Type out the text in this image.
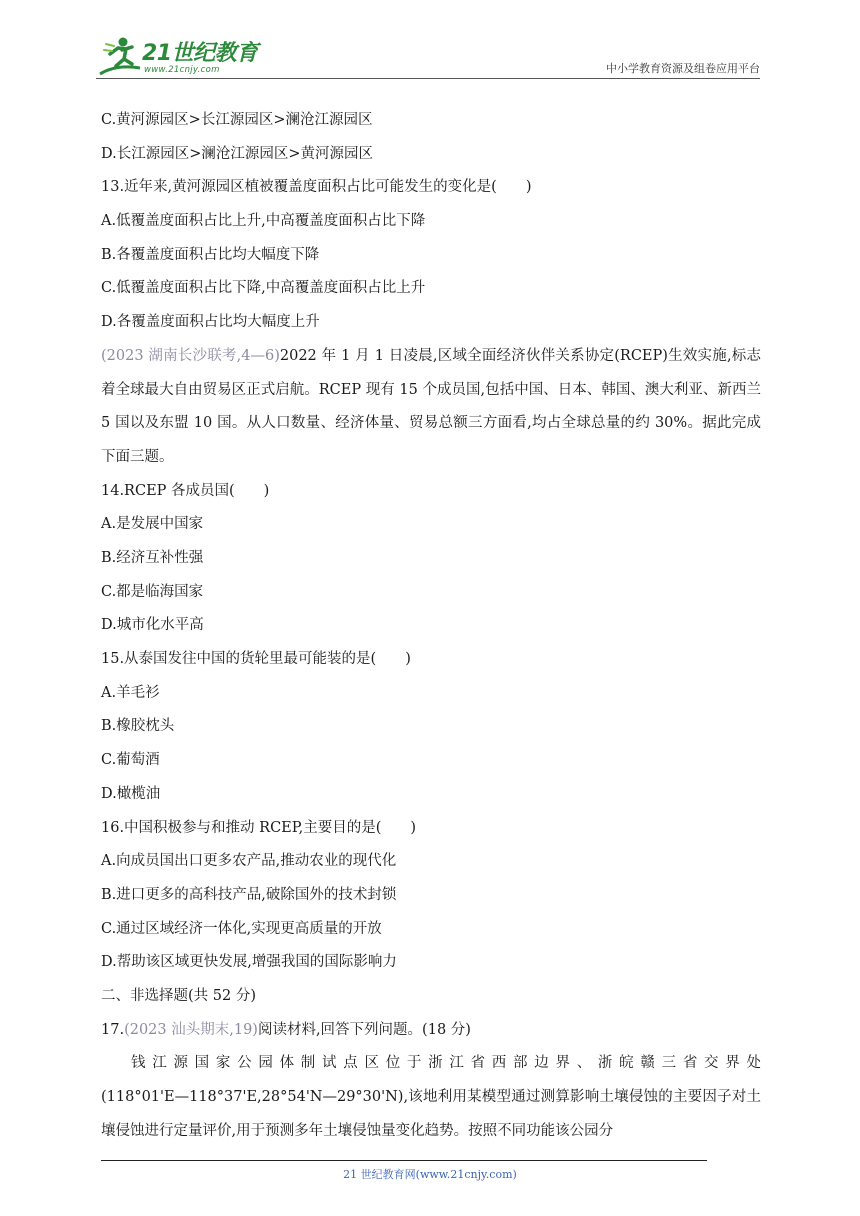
21世纪教育
www.21cnjy.com	中小学教育资源及组卷应用平台
C.黄河源园区>长江源园区>澜沧江源园区
D.长江源园区>澜沧江源园区>黄河源园区
13.近年来,黄河源园区植被覆盖度面积占比可能发生的变化是(　　)
A.低覆盖度面积占比上升,中高覆盖度面积占比下降
B.各覆盖度面积占比均大幅度下降
C.低覆盖度面积占比下降,中高覆盖度面积占比上升
D.各覆盖度面积占比均大幅度上升
(2023 湖南长沙联考,4—6)2022 年 1 月 1 日凌晨,区域全面经济伙伴关系协定(RCEP)生效实施,标志着全球最大自由贸易区正式启航。RCEP 现有 15 个成员国,包括中国、日本、韩国、澳大利亚、新西兰 5 国以及东盟 10 国。从人口数量、经济体量、贸易总额三方面看,均占全球总量的约 30%。据此完成下面三题。
14.RCEP 各成员国(　　)
A.是发展中国家
B.经济互补性强
C.都是临海国家
D.城市化水平高
15.从泰国发往中国的货轮里最可能装的是(　　)
A.羊毛衫
B.橡胶枕头
C.葡萄酒
D.橄榄油
16.中国积极参与和推动 RCEP,主要目的是(　　)
A.向成员国出口更多农产品,推动农业的现代化
B.进口更多的高科技产品,破除国外的技术封锁
C.通过区域经济一体化,实现更高质量的开放
D.帮助该区域更快发展,增强我国的国际影响力
二、非选择题(共 52 分)
17.(2023 汕头期末,19)阅读材料,回答下列问题。(18 分)
钱江源国家公园体制试点区位于浙江省西部边界、浙皖赣三省交界处
(118°01'E—118°37'E,28°54'N—29°30'N),该地利用某模型通过测算影响土壤侵蚀的主要因子对土壤侵蚀进行定量评价,用于预测多年土壤侵蚀量变化趋势。按照不同功能该公园分
21 世纪教育网(www.21cnjy.com)
